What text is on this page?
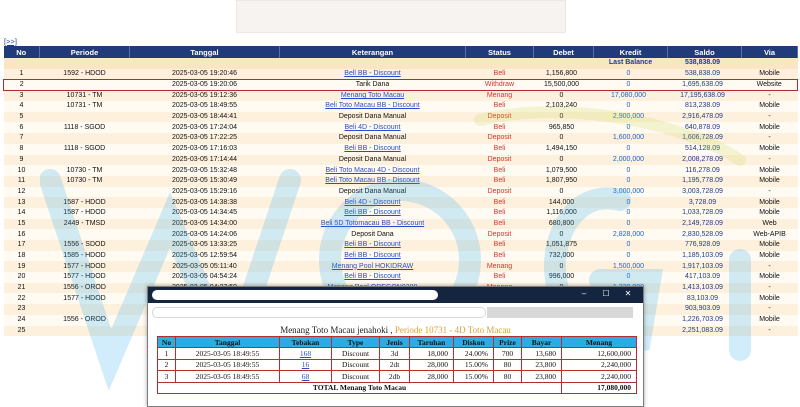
[>>]
No	Periode	Tanggal	Keterangan	Status	Debet	Kredit	Saldo	Via
						Last Balance	538,838.09	
1	1592 - HDOD	2025-03-05 19:20:46	Bell BB - Discount	Beli	1,156,800	0	538,838.09	Mobile
2		2025-03-05 19:20:06	Tarik Dana	Withdraw	15,500,000	0	1,695,638.09	Website
3	10731 - TM	2025-03-05 19:12:36	Menang Toto Macau	Menang	0	17,080,000	17,195,638.09	-
4	10731 - TM	2025-03-05 18:49:55	Beli Toto Macau BB - Discount	Beli	2,103,240	0	813,238.09	Mobile
5		2025-03-05 18:44:41	Deposit Dana Manual	Deposit	0	2,900,000	2,916,478.09	-
6	1118 - SGOD	2025-03-05 17:24:04	Beli 4D - Discount	Beli	965,850	0	640,878.09	Mobile
7		2025-03-05 17:22:25	Deposit Dana Manual	Deposit	0	1,600,000	1,606,728.09	-
8	1118 - SGOD	2025-03-05 17:16:03	Beli BB - Discount	Beli	1,494,150	0	514,128.09	Mobile
9		2025-03-05 17:14:44	Deposit Dana Manual	Deposit	0	2,000,000	2,008,278.09	-
10	10730 - TM	2025-03-05 15:32:48	Beli Toto Macau 4D - Discount	Beli	1,079,500	0	116,278.09	Mobile
11	10730 - TM	2025-03-05 15:30:49	Beli Toto Macau BB - Discount	Beli	1,807,950	0	1,195,778.09	Mobile
12		2025-03-05 15:29:16	Deposit Dana Manual	Deposit	0	3,000,000	3,003,728.09	-
13	1587 - HDOD	2025-03-05 14:38:38	Beli 4D - Discount	Beli	144,000	0	3,728.09	Mobile
14	1587 - HDOD	2025-03-05 14:34:45	Beli BB - Discount	Beli	1,116,000	0	1,033,728.09	Mobile
15	2449 - TMSD	2025-03-05 14:34:00	Beli 5D Totomacau BB - Discount	Beli	680,800	0	2,149,728.09	Web
16		2025-03-05 14:24:06	Deposit Dana	Deposit	0	2,828,000	2,830,528.09	Web-APIB
17	1556 - SDOD	2025-03-05 13:33:25	Beli BB - Discount	Beli	1,051,875	0	776,928.09	Mobile
18	1585 - HDOD	2025-03-05 12:59:54	Beli BB - Discount	Beli	732,000	0	1,185,103.09	Mobile
19	1577 - HDOD	2025-03-05 05:11:40	Menang Pool HOKIDRAW	Menang	0	1,500,000	1,917,103.09	-
20	1577 - HDOD	2025-03-05 04:54:24	Beli BB - Discount	Beli	996,000	0	417,103.09	Mobile
21	1556 - OROD						1,413,103.09	-
22	1577 - HDOD						83,103.09	Mobile
23							903,903.09	-
24	1556 - OROD						1,226,703.09	Mobile
25							2,251,083.09	-
– ☐ ✕
Menang Toto Macau jenahoki , Periode 10731 - 4D Toto Macau
No	Tanggal	Tebakan	Type	Jenis	Taruhan	Diskon	Prize	Bayar	Menang
1	2025-03-05 18:49:55	168	Discount	3d	18,000	24.00%	700	13,680	12,600,000
2	2025-03-05 18:49:55	16	Discount	2dt	28,000	15.00%	80	23,800	2,240,000
3	2025-03-05 18:49:55	68	Discount	2db	28,000	15.00%	80	23,800	2,240,000
TOTAL Menang Toto Macau									17,080,000
